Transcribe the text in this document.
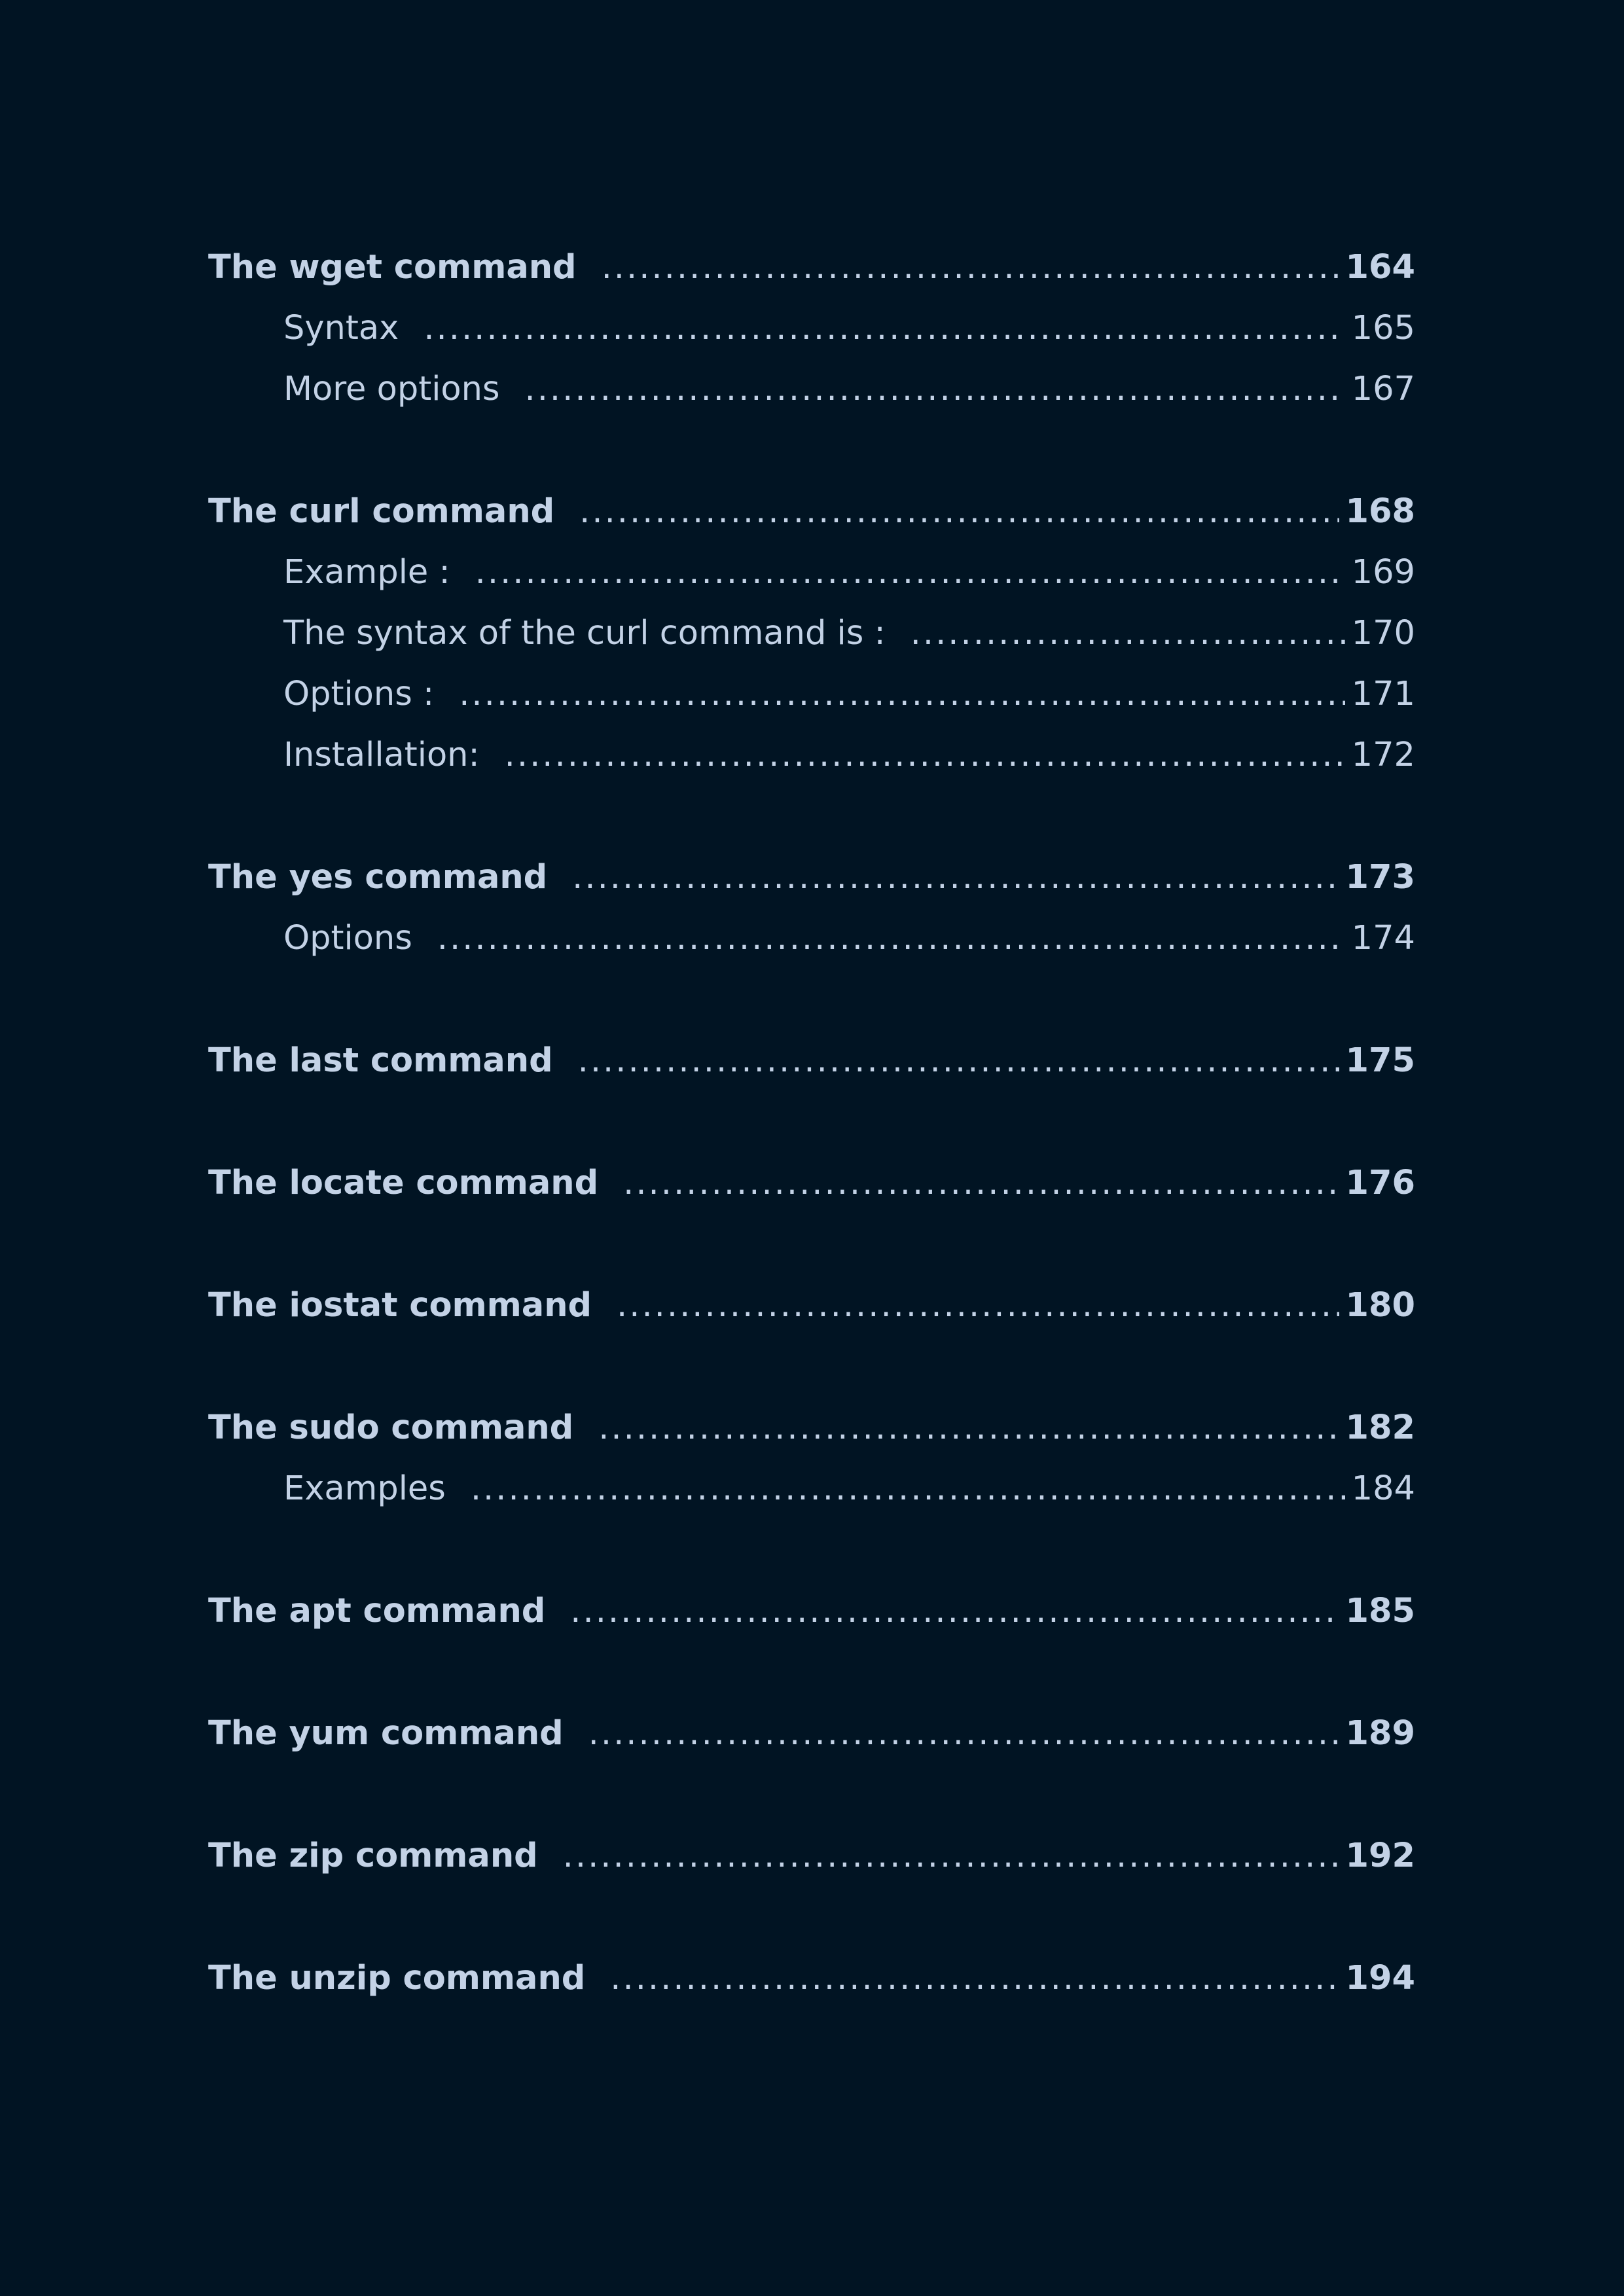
The wget command .....	164
Syntax .....	165
More options .....	167
The curl command .....	168
Example : .....	169
The syntax of the curl command is : .....	170
Options : .....	171
Installation: .....	172
The yes command .....	173
Options .....	174
The last command .....	175
The locate command .....	176
The iostat command .....	180
The sudo command .....	182
Examples .....	184
The apt command .....	185
The yum command .....	189
The zip command .....	192
The unzip command .....	194
